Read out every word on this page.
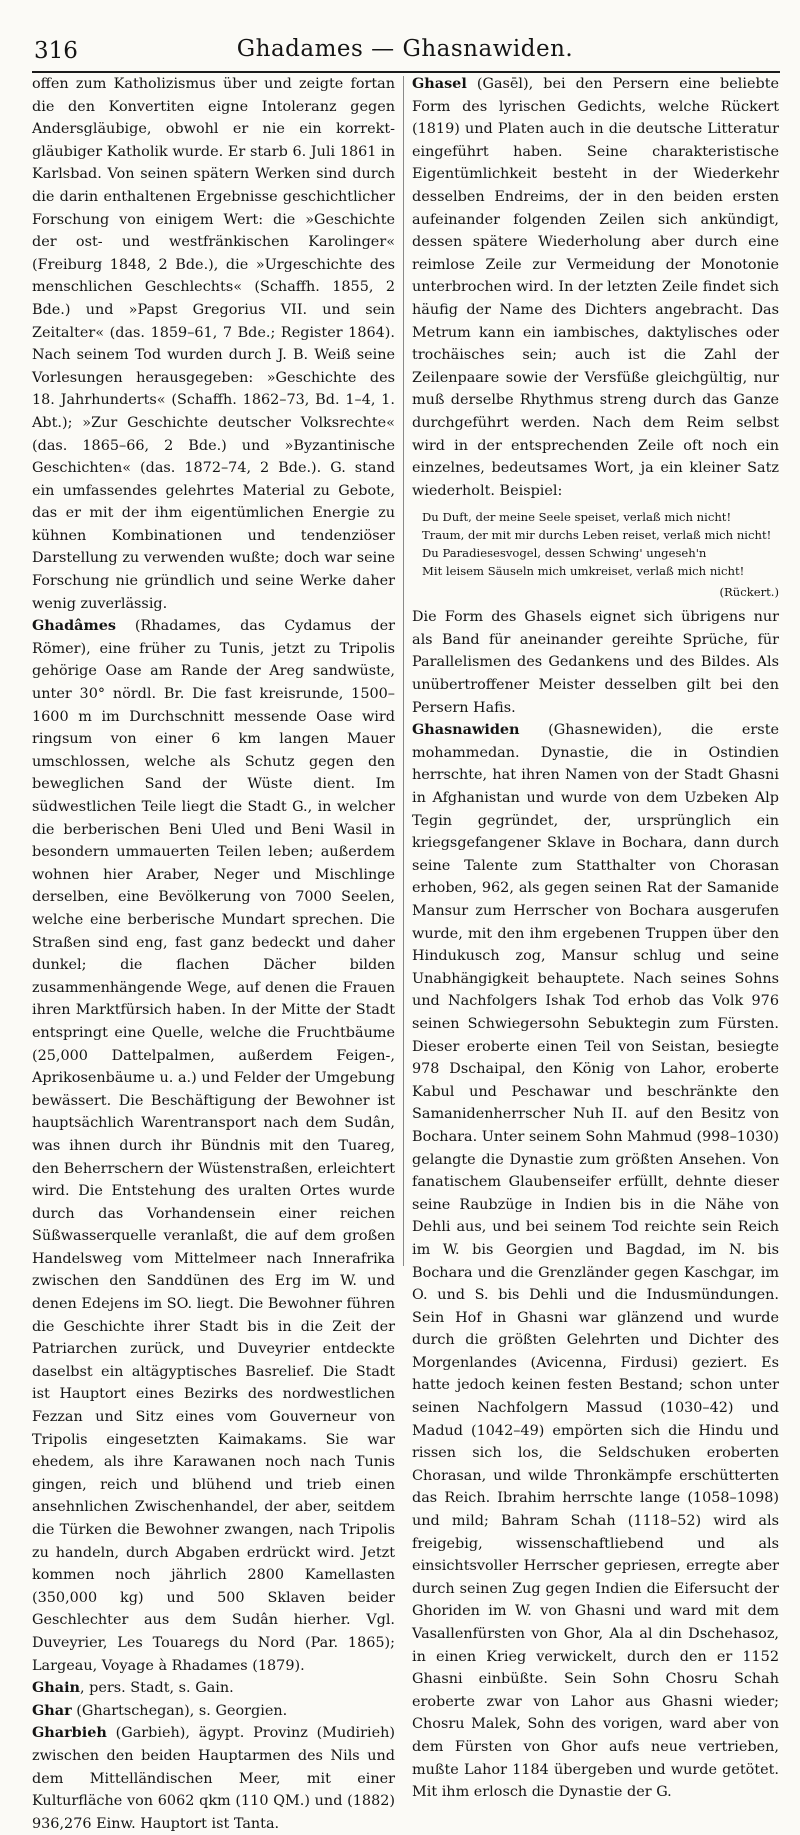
316	Ghadames — Ghasnawiden.

offen zum Katholizismus über und zeigte fortan die den Konvertiten eigne Intoleranz gegen Andersgläubige, obwohl er nie ein korrekt-gläubiger Katholik wurde. Er starb 6. Juli 1861 in Karlsbad. Von seinen spätern Werken sind durch die darin enthaltenen Ergebnisse geschichtlicher Forschung von einigem Wert: die »Geschichte der ost- und westfränkischen Karolinger« (Freiburg 1848, 2 Bde.), die »Urgeschichte des menschlichen Geschlechts« (Schaffh. 1855, 2 Bde.) und »Papst Gregorius VII. und sein Zeitalter« (das. 1859–61, 7 Bde.; Register 1864). Nach seinem Tod wurden durch J. B. Weiß seine Vorlesungen herausgegeben: »Geschichte des 18. Jahrhunderts« (Schaffh. 1862–73, Bd. 1–4, 1. Abt.); »Zur Geschichte deutscher Volksrechte« (das. 1865–66, 2 Bde.) und »Byzantinische Geschichten« (das. 1872–74, 2 Bde.). G. stand ein umfassendes gelehrtes Material zu Gebote, das er mit der ihm eigentümlichen Energie zu kühnen Kombinationen und tendenziöser Darstellung zu verwenden wußte; doch war seine Forschung nie gründlich und seine Werke daher wenig zuverlässig.

Ghadâmes (Rhadames, das Cydamus der Römer), eine früher zu Tunis, jetzt zu Tripolis gehörige Oase am Rande der Areg sandwüste, unter 30° nördl. Br. Die fast kreisrunde, 1500–1600 m im Durchschnitt messende Oase wird ringsum von einer 6 km langen Mauer umschlossen, welche als Schutz gegen den beweglichen Sand der Wüste dient. Im südwestlichen Teile liegt die Stadt G., in welcher die berberischen Beni Uled und Beni Wasil in besondern ummauerten Teilen leben; außerdem wohnen hier Araber, Neger und Mischlinge derselben, eine Bevölkerung von 7000 Seelen, welche eine berberische Mundart sprechen. Die Straßen sind eng, fast ganz bedeckt und daher dunkel; die flachen Dächer bilden zusammenhängende Wege, auf denen die Frauen ihren Marktfürsich haben. In der Mitte der Stadt entspringt eine Quelle, welche die Fruchtbäume (25,000 Dattelpalmen, außerdem Feigen-, Aprikosenbäume u. a.) und Felder der Umgebung bewässert. Die Beschäftigung der Bewohner ist hauptsächlich Warentransport nach dem Sudân, was ihnen durch ihr Bündnis mit den Tuareg, den Beherrschern der Wüstenstraßen, erleichtert wird. Die Entstehung des uralten Ortes wurde durch das Vorhandensein einer reichen Süßwasserquelle veranlaßt, die auf dem großen Handelsweg vom Mittelmeer nach Innerafrika zwischen den Sanddünen des Erg im W. und denen Edejens im SO. liegt. Die Bewohner führen die Geschichte ihrer Stadt bis in die Zeit der Patriarchen zurück, und Duveyrier entdeckte daselbst ein altägyptisches Basrelief. Die Stadt ist Hauptort eines Bezirks des nordwestlichen Fezzan und Sitz eines vom Gouverneur von Tripolis eingesetzten Kaimakams. Sie war ehedem, als ihre Karawanen noch nach Tunis gingen, reich und blühend und trieb einen ansehnlichen Zwischenhandel, der aber, seitdem die Türken die Bewohner zwangen, nach Tripolis zu handeln, durch Abgaben erdrückt wird. Jetzt kommen noch jährlich 2800 Kamellasten (350,000 kg) und 500 Sklaven beider Geschlechter aus dem Sudân hierher. Vgl. Duveyrier, Les Touaregs du Nord (Par. 1865); Largeau, Voyage à Rhadames (1879).

Ghain, pers. Stadt, s. Gain.

Ghar (Ghartschegan), s. Georgien.

Gharbieh (Garbieh), ägypt. Provinz (Mudirieh) zwischen den beiden Hauptarmen des Nils und dem Mittelländischen Meer, mit einer Kulturfläche von 6062 qkm (110 QM.) und (1882) 936,276 Einw. Hauptort ist Tanta.

Ghasel (Gasēl), bei den Persern eine beliebte Form des lyrischen Gedichts, welche Rückert (1819) und Platen auch in die deutsche Litteratur eingeführt haben. Seine charakteristische Eigentümlichkeit besteht in der Wiederkehr desselben Endreims, der in den beiden ersten aufeinander folgenden Zeilen sich ankündigt, dessen spätere Wiederholung aber durch eine reimlose Zeile zur Vermeidung der Monotonie unterbrochen wird. In der letzten Zeile findet sich häufig der Name des Dichters angebracht. Das Metrum kann ein iambisches, daktylisches oder trochäisches sein; auch ist die Zahl der Zeilenpaare sowie der Versfüße gleichgültig, nur muß derselbe Rhythmus streng durch das Ganze durchgeführt werden. Nach dem Reim selbst wird in der entsprechenden Zeile oft noch ein einzelnes, bedeutsames Wort, ja ein kleiner Satz wiederholt. Beispiel:

Du Duft, der meine Seele speiset, verlaß mich nicht!
Traum, der mit mir durchs Leben reiset, verlaß mich nicht!
Du Paradiesesvogel, dessen Schwing' ungeseh'n
Mit leisem Säuseln mich umkreiset, verlaß mich nicht!
(Rückert.)

Die Form des Ghasels eignet sich übrigens nur als Band für aneinander gereihte Sprüche, für Parallelismen des Gedankens und des Bildes. Als unübertroffener Meister desselben gilt bei den Persern Hafis.

Ghasnawiden (Ghasnewiden), die erste mohammedan. Dynastie, die in Ostindien herrschte, hat ihren Namen von der Stadt Ghasni in Afghanistan und wurde von dem Uzbeken Alp Tegin gegründet, der, ursprünglich ein kriegsgefangener Sklave in Bochara, dann durch seine Talente zum Statthalter von Chorasan erhoben, 962, als gegen seinen Rat der Samanide Mansur zum Herrscher von Bochara ausgerufen wurde, mit den ihm ergebenen Truppen über den Hindukusch zog, Mansur schlug und seine Unabhängigkeit behauptete. Nach seines Sohns und Nachfolgers Ishak Tod erhob das Volk 976 seinen Schwiegersohn Sebuktegin zum Fürsten. Dieser eroberte einen Teil von Seistan, besiegte 978 Dschaipal, den König von Lahor, eroberte Kabul und Peschawar und beschränkte den Samanidenherrscher Nuh II. auf den Besitz von Bochara. Unter seinem Sohn Mahmud (998–1030) gelangte die Dynastie zum größten Ansehen. Von fanatischem Glaubenseifer erfüllt, dehnte dieser seine Raubzüge in Indien bis in die Nähe von Dehli aus, und bei seinem Tod reichte sein Reich im W. bis Georgien und Bagdad, im N. bis Bochara und die Grenzländer gegen Kaschgar, im O. und S. bis Dehli und die Indusmündungen. Sein Hof in Ghasni war glänzend und wurde durch die größten Gelehrten und Dichter des Morgenlandes (Avicenna, Firdusi) geziert. Es hatte jedoch keinen festen Bestand; schon unter seinen Nachfolgern Massud (1030–42) und Madud (1042–49) empörten sich die Hindu und rissen sich los, die Seldschuken eroberten Chorasan, und wilde Thronkämpfe erschütterten das Reich. Ibrahim herrschte lange (1058–1098) und mild; Bahram Schah (1118–52) wird als freigebig, wissenschaftliebend und als einsichtsvoller Herrscher gepriesen, erregte aber durch seinen Zug gegen Indien die Eifersucht der Ghoriden im W. von Ghasni und ward mit dem Vasallenfürsten von Ghor, Ala al din Dschehasoz, in einen Krieg verwickelt, durch den er 1152 Ghasni einbüßte. Sein Sohn Chosru Schah eroberte zwar von Lahor aus Ghasni wieder; Chosru Malek, Sohn des vorigen, ward aber von dem Fürsten von Ghor aufs neue vertrieben, mußte Lahor 1184 übergeben und wurde getötet. Mit ihm erlosch die Dynastie der G.
